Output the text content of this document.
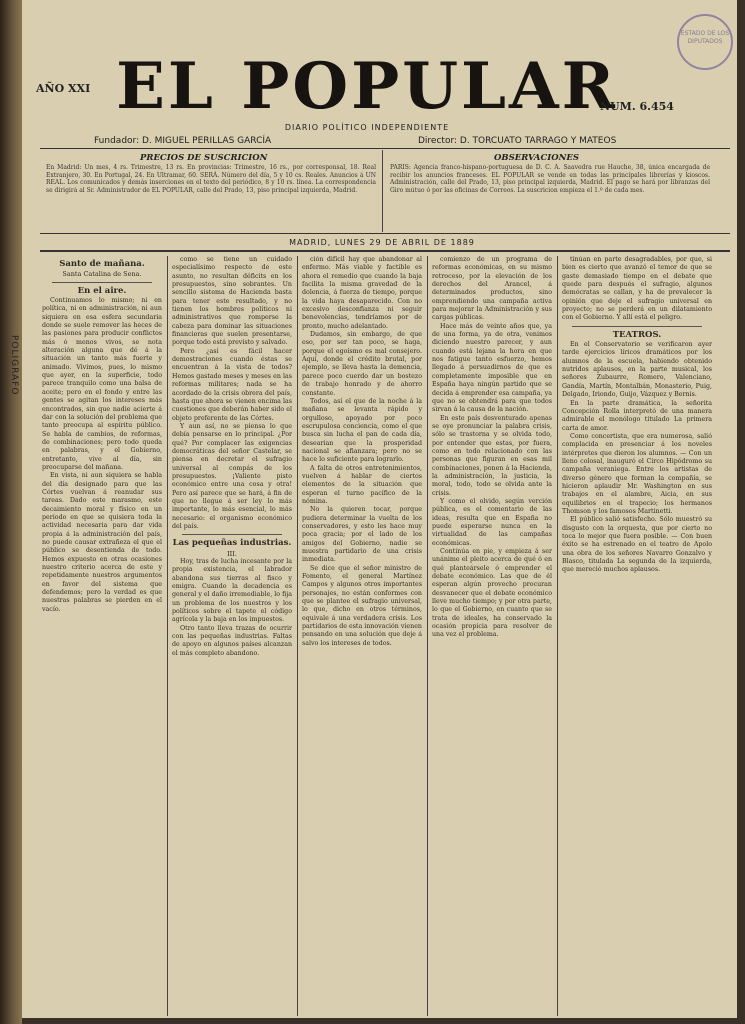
POLIGRAFO
ESTADO DE LOS DIPUTADOS
AÑO XXI EL POPULAR
NUM. 6.454
DIARIO POLÍTICO INDEPENDIENTE
Fundador: D. MIGUEL PERILLAS GARCÍA	Director: D. TORCUATO TARRAGO Y MATEOS
PRECIOS DE SUSCRICION
En Madrid: Un mes, 4 rs. Trimestre, 13 rs. En provincias: Trimestre, 16 rs., por corresponsal, 18. Real Extranjero, 30. En Portugal, 24. En Ultramar, 60. SERÁ. Número del día, 5 y 10 cs. Reales. Anuncios á UN REAL. Los comunicados y demás inserciones en el texto del periódico, 8 y 10 rs. línea. La correspondencia se dirigirá al Sr. Administrador de EL POPULAR, calle del Prado, 13, piso principal izquierda, Madrid.
OBSERVACIONES
PARÍS: Agencia franco-hispano-portuguesa de D. C. A. Saavedra rue Hauche, 38, única encargada de recibir los anuncios franceses. EL POPULAR se vende en todas las principales librerías y kioscos. Administración, calle del Prado, 13, piso principal izquierda, Madrid. El pago se hará por libranzas del Giro mútuo ó por las oficinas de Correos. La suscricion empieza el 1.º de cada mes.
MADRID, LUNES 29 DE ABRIL DE 1889
Santo de mañana.

Santa Catalina de Sena.

En el aire.

Continuamos lo mismo; ni en política, ni en administración, ni aun siquiera en esa esfera secundaria donde se suele remover las heces de las pasiones para producir conflictos más ó menos vivos, se nota alteración alguna que dé á la situación un tanto más fuerte y animado. Vivimos, pues, lo mismo que ayer, en la superficie, todo parece tranquilo como una balsa de aceite; pero en el fondo y entre las gentes se agitan los intereses más encontrados, sin que nadie acierte á dar con la solución del problema que tanto preocupa al espíritu público. Se habla de cambios, de reformas, de combinaciones; pero todo queda en palabras, y el Gobierno, entretanto, vive al día, sin preocuparse del mañana.

En vista, ni aun siquiera se habla del día designado para que las Córtes vuelvan á reanudar sus tareas. Dado este marasmo, este decaimiento moral y físico en un período en que se quisiera toda la actividad necesaria para dar vida propia á la administración del país, no puede causar extrañeza el que el público se desentienda de todo. Hemos expuesto en otras ocasiones nuestro criterio acerca de este y repetidamente nuestros argumentos en favor del sistema que defendemos; pero la verdad es que nuestras palabras se pierden en el vacío.

como se tiene un cuidado especialísimo respecto de este asunto, no resultan déficits en los presupuestos, sino sobrantes. Un sencillo sistema de Hacienda basta para tener este resultado, y no tienen los hombres políticos ni administrativos que romperse la cabeza para dominar las situaciones financieras que suelen presentarse, porque todo está previsto y salvado.

Pero ¿así es fácil hacer demostraciones cuando éstas se encuentran á la vista de todos? Hemos gastado meses y meses en las reformas militares; nada se ha acordado de la crisis obrera del país, hasta que ahora se vienen encima las cuestiones que deberán haber sido el objeto preferente de las Córtes.

Y aun así, no se piensa lo que debía pensarse en lo principal. ¿Por qué? Por complacer las exigencias democráticas del señor Castelar, se piensa en decretar el sufragio universal al compás de los presupuestos. ¡Valiente pisto económico entre una cosa y otra! Pero así parece que se hará, á fin de que no llegue á ser ley lo más importante, lo más esencial, lo más necesario: el organismo económico del país.

Las pequeñas industrias.

III.

Hoy, tras de lucha incesante por la propia existencia, el labrador abandona sus tierras al fisco y emigra. Cuando la decadencia es general y el daño irremediable, lo fija un problema de los nuestros y los políticos sobre el tapete el código agrícola y la baja en los impuestos.

Otro tanto lleva trazas de ocurrir con las pequeñas industrias. Faltas de apoyo en algunos países alcanzan el más completo abandono.

ción difícil hay que abandonar al enfermo. Más viable y factible es ahora el remedio que cuando la baja facilita la misma gravedad de la dolencia, á fuerza de tiempo, porque la vida haya desaparecido. Con no excesivo desconfianza ni seguir benevolencias, tendríamos por de pronto, mucho adelantado.

Dudamos, sin embargo, de que eso, por ser tan poco, se haga, porque el egoísmo es mal consejero. Aquí, donde el crédito brutal, por ejemplo, se lleva hasta la demencia, parece poco cuerdo dar un bostezo de trabajo honrado y de ahorro constante.

Todos, así el que de la noche á la mañana se levanta rápido y orgulloso, apoyado por poco escrupulosa conciencia, como el que busca sin lucha el pan de cada día, desearían que la prosperidad nacional se afianzara; pero no se hace lo suficiente para lograrlo.

A falta de otros entretenimientos, vuelven á hablar de ciertos elementos de la situación que esperan el turno pacífico de la nómina.

No la quieren tocar, porque pudiera determinar la vuelta de los conservadores, y esto les hace muy poca gracia; por el lado de los amigos del Gobierno, nadie se muestra partidario de una crisis inmediata.

Se dice que el señor ministro de Fomento, el general Martínez Campos y algunos otros importantes personajes, no están conformes con que se plantee el sufragio universal, lo que, dicho en otros términos, equivale á una verdadera crisis. Los partidarios de esta innovación vienen pensando en una solución que deje á salvo los intereses de todos.

comienzo de un programa de reformas económicas, en su mismo retroceso, por la elevación de los derechos del Arancel, á determinados productos, sino emprendiendo una campaña activa para mejorar la Administración y sus cargas públicas.

Hace más de veinte años que, ya de una forma, ya de otra, venimos diciendo nuestro parecer, y aun cuando está lejana la hora en que nos fatigue tanto esfuerzo, hemos llegado á persuadirnos de que es completamente imposible que en España haya ningún partido que se decida á emprender esa campaña, ya que no se obtendrá para que todos sirvan á la causa de la nación.

En este país desventurado apenas se oye pronunciar la palabra crisis, sólo se trastorna y se olvida todo, por entender que estas, por fuera, como en todo relacionado con las personas que figuran en esas mil combinaciones, ponen á la Hacienda, la administración, la justicia, la moral, todo, todo se olvida ante la crisis.

Y como el olvido, según verción pública, es el comentario de las ideas, resulta que en España no puede esperarse nunca en la virtualidad de las campañas económicas.

Continúa en pie, y empieza á ser unánime el pleito acerca de qué ó en qué planteársele ó emprender el debate económico. Las que de él esperan algún provecho procuran desvanecer que el debate económico lleve mucho tiempo; y por otra parte, lo que el Gobierno, en cuanto que se trata de ideales, ha conservado la ocasión propicia para resolver de una vez el problema.

tinúan en parte desagradables, por que, si bien es cierto que avanzó el temor de que se gaste demasiado tiempo en el debate que quede para después el sufragio, algunos demócratas se callan, y ha de prevalecer la opinión que deje el sufragio universal en proyecto; no se perderá en un dilatamiento con el Gobierno. Y allí está el peligro.

TEATROS.

En el Conservatorio se verificaron ayer tarde ejercicios líricos dramáticos por los alumnos de la escuela, habiendo obtenido nutridos aplausos, en la parte musical, los señores Zubaurre, Romero, Valenciano, Gandía, Martín, Montalbán, Monasterio, Puig, Delgado, Iriondo, Guijo, Vázquez y Bernis.

En la parte dramática, la señorita Concepción Rolla interpretó de una manera admirable el monólogo titulado La primera carta de amor.

Como concertista, que era numerosa, salió complacida en presenciar á los noveles intérpretes que dieron los alumnos. — Con un lleno colosal, inauguró el Circo Hipódromo su campaña veraniega. Entre los artistas de diverso género que forman la compañía, se hicieron aplaudir Mr. Washington en sus trabajos en el alambre, Aicia, en sus equilibrios en el trapecio; los hermanos Thomson y los famosos Martinetti.

El público salió satisfecho. Sólo muestró su disgusto con la orquesta, que por cierto no toca lo mejor que fuera posible. — Con buen éxito se ha estrenado en el teatro de Apolo una obra de los señores Navarro Gonzalvo y Blasco, titulada La segunda de la izquierda, que mereció muchos aplausos.
